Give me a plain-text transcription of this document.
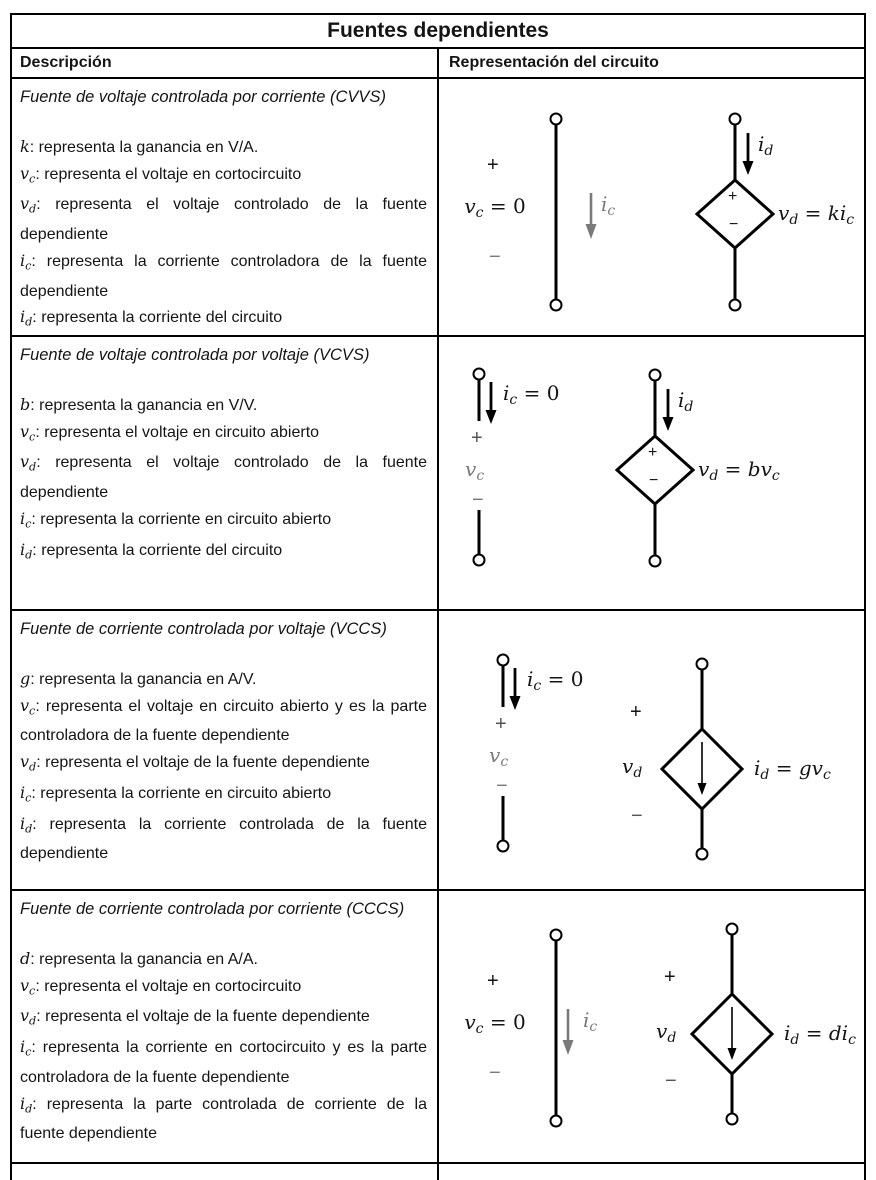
Fuentes dependientes
Descripción	Representación del circuito
Fuente de voltaje controlada por corriente (CVVS)
k: representa la ganancia en V/A.
$v_c$: representa el voltaje en cortocircuito
$v_d$: representa el voltaje controlado de la fuente dependiente
$i_c$: representa la corriente controladora de la fuente dependiente
$i_d$: representa la corriente del circuito
+
$v_c = 0$
−
$i_c$
+
−
$i_d$
$v_d = ki_c$
Fuente de voltaje controlada por voltaje (VCVS)
b: representa la ganancia en V/V.
$v_c$: representa el voltaje en circuito abierto
$v_d$: representa el voltaje controlado de la fuente dependiente
$i_c$: representa la corriente en circuito abierto
$i_d$: representa la corriente del circuito
$i_c = 0$
+
$v_c$
−
+
−
$i_d$
$v_d = bv_c$
Fuente de corriente controlada por voltaje (VCCS)
g: representa la ganancia en A/V.
$v_c$: representa el voltaje en circuito abierto y es la parte controladora de la fuente dependiente
$v_d$: representa el voltaje de la fuente dependiente
$i_c$: representa la corriente en circuito abierto
$i_d$: representa la corriente controlada de la fuente dependiente
$i_c = 0$
+
$v_c$
−
+
$v_d$
−
$i_d = gv_c$
Fuente de corriente controlada por corriente (CCCS)
d: representa la ganancia en A/A.
$v_c$: representa el voltaje en cortocircuito
$v_d$: representa el voltaje de la fuente dependiente
$i_c$: representa la corriente en cortocircuito y es la parte controladora de la fuente dependiente
$i_d$: representa la parte controlada de corriente de la fuente dependiente
+
$v_c = 0$
−
$i_c$
+
$v_d$
−
$i_d = di_c$
